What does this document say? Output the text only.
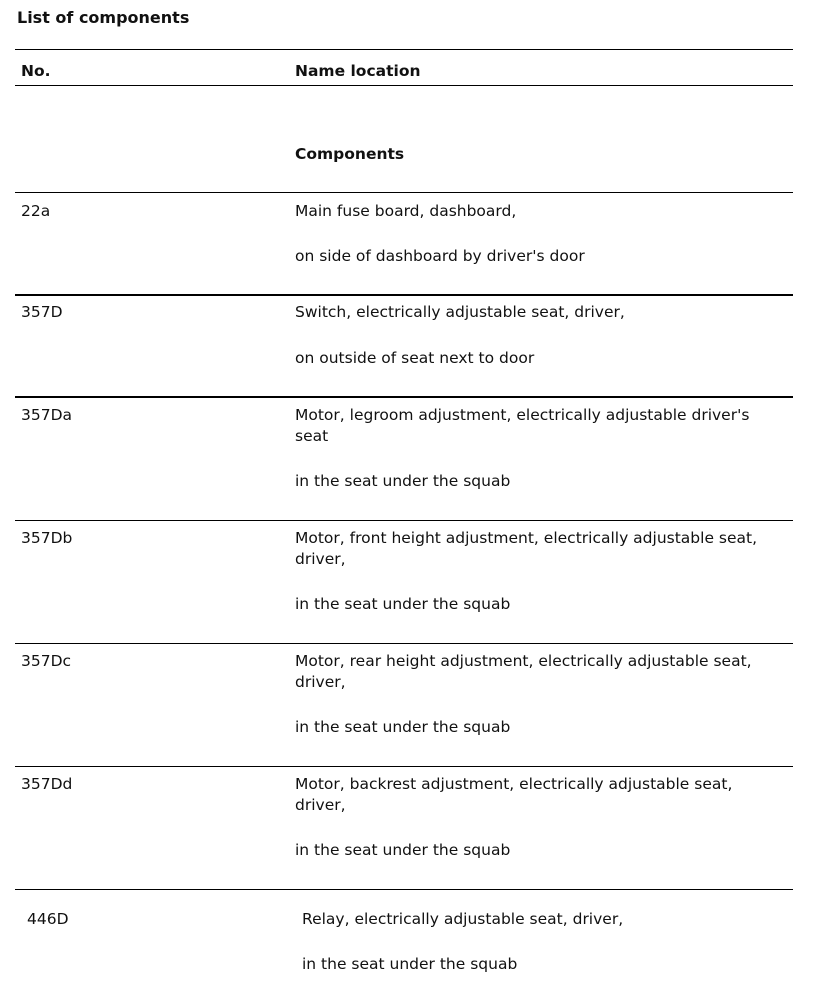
List of components
No.	Name location
Components
22a	Main fuse board, dashboard,
on side of dashboard by driver's door
357D	Switch, electrically adjustable seat, driver,
on outside of seat next to door
357Da	Motor, legroom adjustment, electrically adjustable driver's seat
in the seat under the squab
357Db	Motor, front height adjustment, electrically adjustable seat, driver,
in the seat under the squab
357Dc	Motor, rear height adjustment, electrically adjustable seat, driver,
in the seat under the squab
357Dd	Motor, backrest adjustment, electrically adjustable seat, driver,
in the seat under the squab
446D	Relay, electrically adjustable seat, driver,
in the seat under the squab
